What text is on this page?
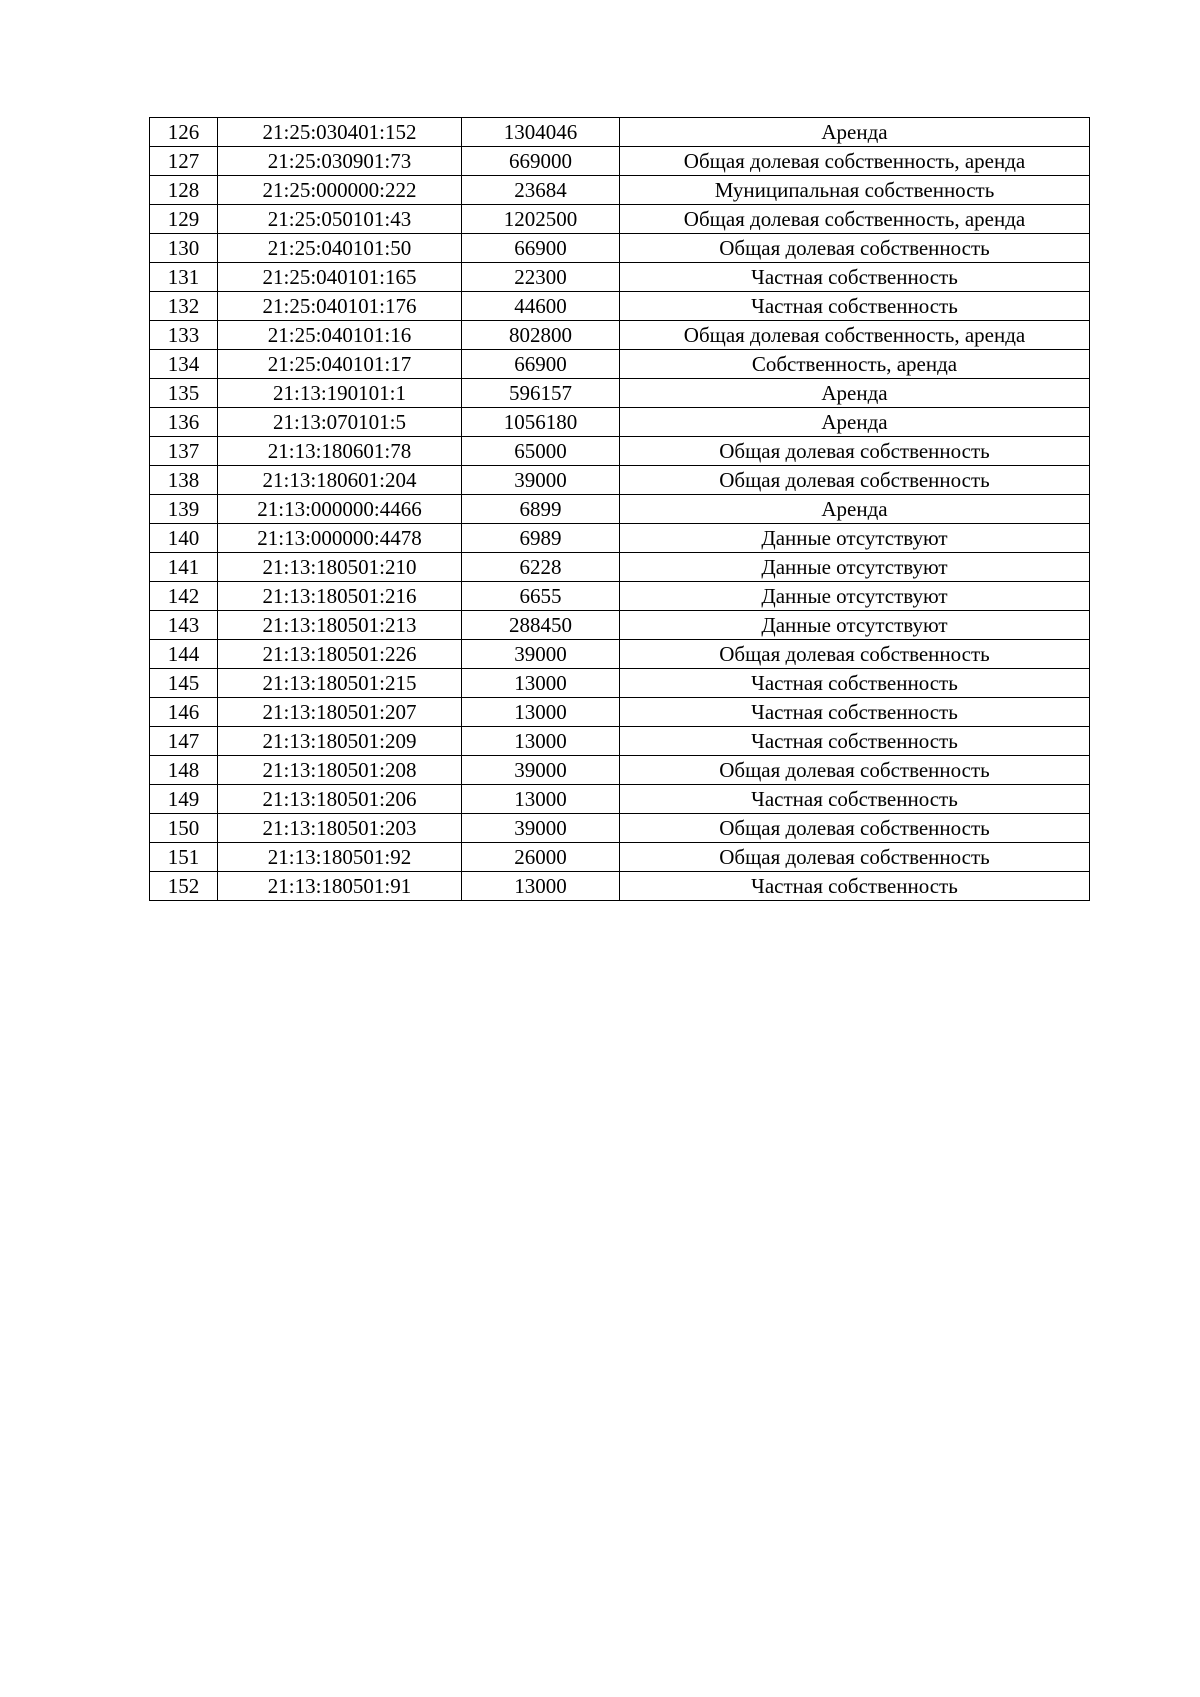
126	21:25:030401:152	1304046	Аренда
127	21:25:030901:73	669000	Общая долевая собственность, аренда
128	21:25:000000:222	23684	Муниципальная собственность
129	21:25:050101:43	1202500	Общая долевая собственность, аренда
130	21:25:040101:50	66900	Общая долевая собственность
131	21:25:040101:165	22300	Частная собственность
132	21:25:040101:176	44600	Частная собственность
133	21:25:040101:16	802800	Общая долевая собственность, аренда
134	21:25:040101:17	66900	Собственность, аренда
135	21:13:190101:1	596157	Аренда
136	21:13:070101:5	1056180	Аренда
137	21:13:180601:78	65000	Общая долевая собственность
138	21:13:180601:204	39000	Общая долевая собственность
139	21:13:000000:4466	6899	Аренда
140	21:13:000000:4478	6989	Данные отсутствуют
141	21:13:180501:210	6228	Данные отсутствуют
142	21:13:180501:216	6655	Данные отсутствуют
143	21:13:180501:213	288450	Данные отсутствуют
144	21:13:180501:226	39000	Общая долевая собственность
145	21:13:180501:215	13000	Частная собственность
146	21:13:180501:207	13000	Частная собственность
147	21:13:180501:209	13000	Частная собственность
148	21:13:180501:208	39000	Общая долевая собственность
149	21:13:180501:206	13000	Частная собственность
150	21:13:180501:203	39000	Общая долевая собственность
151	21:13:180501:92	26000	Общая долевая собственность
152	21:13:180501:91	13000	Частная собственность
